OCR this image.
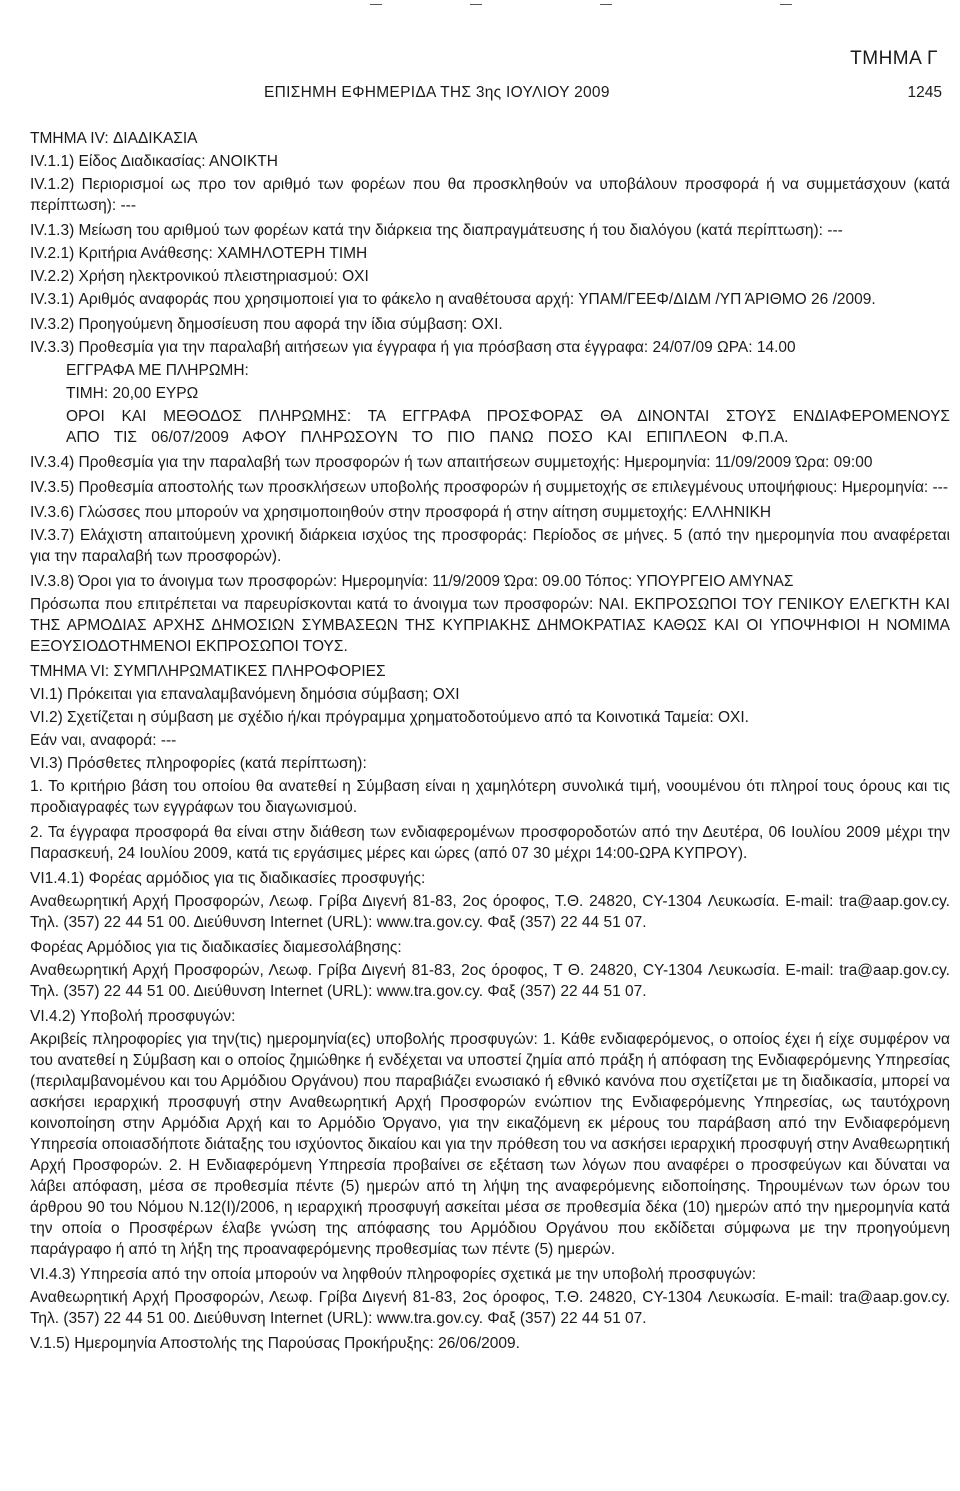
ΤΜΗΜΑ Γ
ΕΠΙΣΗΜΗ ΕΦΗΜΕΡΙΔΑ ΤΗΣ 3ης ΙΟΥΛΙΟΥ 2009	1245

ΤΜΗΜΑ IV: ΔΙΑΔΙΚΑΣΙΑ

IV.1.1) Είδος Διαδικασίας: ΑΝΟΙΚΤΗ

IV.1.2) Περιορισμοί ως προ τον αριθμό των φορέων που θα προσκληθούν να υποβάλουν προσφορά ή να συμμετάσχουν (κατά περίπτωση): ---

IV.1.3) Μείωση του αριθμού των φορέων κατά την διάρκεια της διαπραγμάτευσης ή του διαλόγου (κατά περίπτωση): ---

IV.2.1) Κριτήρια Ανάθεσης: ΧΑΜΗΛΟΤΕΡΗ ΤΙΜΗ

IV.2.2) Χρήση ηλεκτρονικού πλειστηριασμού: ΟΧΙ

IV.3.1) Αριθμός αναφοράς που χρησιμοποιεί για το φάκελο η αναθέτουσα αρχή: ΥΠΑΜ/ΓΕΕΦ/ΔΙΔΜ /ΥΠ ΆΡΙΘΜΟ 26 /2009.

IV.3.2) Προηγούμενη δημοσίευση που αφορά την ίδια σύμβαση: ΟΧΙ.

IV.3.3) Προθεσμία για την παραλαβή αιτήσεων για έγγραφα ή για πρόσβαση στα έγγραφα: 24/07/09 ΩΡΑ: 14.00

ΕΓΓΡΑΦΑ ΜΕ ΠΛΗΡΩΜΗ:

ΤΙΜΗ: 20,00 ΕΥΡΩ

ΟΡΟΙ ΚΑΙ ΜΕΘΟΔΟΣ ΠΛΗΡΩΜΗΣ: ΤΑ ΕΓΓΡΑΦΑ ΠΡΟΣΦΟΡΑΣ ΘΑ ΔΙΝΟΝΤΑΙ ΣΤΟΥΣ ΕΝΔΙΑΦΕΡΟΜΕΝΟΥΣ ΑΠΟ ΤΙΣ 06/07/2009 ΑΦΟΥ ΠΛΗΡΩΣΟΥΝ ΤΟ ΠΙΟ ΠΑΝΩ ΠΟΣΟ ΚΑΙ ΕΠΙΠΛΕΟΝ Φ.Π.Α.

IV.3.4) Προθεσμία για την παραλαβή των προσφορών ή των απαιτήσεων συμμετοχής: Ημερομηνία: 11/09/2009 Ώρα: 09:00

IV.3.5) Προθεσμία αποστολής των προσκλήσεων υποβολής προσφορών ή συμμετοχής σε επιλεγμένους υποψήφιους: Ημερομηνία: ---

IV.3.6) Γλώσσες που μπορούν να χρησιμοποιηθούν στην προσφορά ή στην αίτηση συμμετοχής: ΕΛΛΗΝΙΚΗ

IV.3.7) Ελάχιστη απαιτούμενη χρονική διάρκεια ισχύος της προσφοράς: Περίοδος σε μήνες. 5 (από την ημερομηνία που αναφέρεται για την παραλαβή των προσφορών).

IV.3.8) Όροι για το άνοιγμα των προσφορών: Ημερομηνία: 11/9/2009 Ώρα: 09.00 Τόπος: ΥΠΟΥΡΓΕΙΟ ΑΜΥΝΑΣ

Πρόσωπα που επιτρέπεται να παρευρίσκονται κατά το άνοιγμα των προσφορών: ΝΑΙ. ΕΚΠΡΟΣΩΠΟΙ ΤΟΥ ΓΕΝΙΚΟΥ ΕΛΕΓΚΤΗ ΚΑΙ ΤΗΣ ΑΡΜΟΔΙΑΣ ΑΡΧΗΣ ΔΗΜΟΣΙΩΝ ΣΥΜΒΑΣΕΩΝ ΤΗΣ ΚΥΠΡΙΑΚΗΣ ΔΗΜΟΚΡΑΤΙΑΣ ΚΑΘΩΣ ΚΑΙ ΟΙ ΥΠΟΨΗΦΙΟΙ Η ΝΟΜΙΜΑ ΕΞΟΥΣΙΟΔΟΤΗΜΕΝΟΙ ΕΚΠΡΟΣΩΠΟΙ ΤΟΥΣ.

ΤΜΗΜΑ VI: ΣΥΜΠΛΗΡΩΜΑΤΙΚΕΣ ΠΛΗΡΟΦΟΡΙΕΣ

VI.1) Πρόκειται για επαναλαμβανόμενη δημόσια σύμβαση; ΟΧΙ

VI.2) Σχετίζεται η σύμβαση με σχέδιο ή/και πρόγραμμα χρηματοδοτούμενο από τα Κοινοτικά Ταμεία: ΟΧΙ.

Εάν ναι, αναφορά: ---

VI.3) Πρόσθετες πληροφορίες (κατά περίπτωση):

1. Το κριτήριο βάση του οποίου θα ανατεθεί η Σύμβαση είναι η χαμηλότερη συνολικά τιμή, νοουμένου ότι πληροί τους όρους και τις προδιαγραφές των εγγράφων του διαγωνισμού.

2. Τα έγγραφα προσφορά θα είναι στην διάθεση των ενδιαφερομένων προσφοροδοτών από την Δευτέρα, 06 Ιουλίου 2009 μέχρι την Παρασκευή, 24 Ιουλίου 2009, κατά τις εργάσιμες μέρες και ώρες (από 07 30 μέχρι 14:00-ΩΡΑ ΚΥΠΡΟΥ).

VI1.4.1) Φορέας αρμόδιος για τις διαδικασίες προσφυγής:

Αναθεωρητική Αρχή Προσφορών, Λεωφ. Γρίβα Διγενή 81-83, 2ος όροφος, Τ.Θ. 24820, CY-1304 Λευκωσία. E-mail: tra@aap.gov.cy. Τηλ. (357) 22 44 51 00. Διεύθυνση Internet (URL): www.tra.gov.cy. Φαξ (357) 22 44 51 07.

Φορέας Αρμόδιος για τις διαδικασίες διαμεσολάβησης:

Αναθεωρητική Αρχή Προσφορών, Λεωφ. Γρίβα Διγενή 81-83, 2ος όροφος, Τ Θ. 24820, CY-1304 Λευκωσία. E-mail: tra@aap.gov.cy. Τηλ. (357) 22 44 51 00. Διεύθυνση Internet (URL): www.tra.gov.cy. Φαξ (357) 22 44 51 07.

VI.4.2) Υποβολή προσφυγών:

Ακριβείς πληροφορίες για την(τις) ημερομηνία(ες) υποβολής προσφυγών: 1. Κάθε ενδιαφερόμενος, ο οποίος έχει ή είχε συμφέρον να του ανατεθεί η Σύμβαση και ο οποίος ζημιώθηκε ή ενδέχεται να υποστεί ζημία από πράξη ή απόφαση της Ενδιαφερόμενης Υπηρεσίας (περιλαμβανομένου και του Αρμόδιου Οργάνου) που παραβιάζει ενωσιακό ή εθνικό κανόνα που σχετίζεται με τη διαδικασία, μπορεί να ασκήσει ιεραρχική προσφυγή στην Αναθεωρητική Αρχή Προσφορών ενώπιον της Ενδιαφερόμενης Υπηρεσίας, ως ταυτόχρονη κοινοποίηση στην Αρμόδια Αρχή και το Αρμόδιο Όργανο, για την εικαζόμενη εκ μέρους του παράβαση από την Ενδιαφερόμενη Υπηρεσία οποιασδήποτε διάταξης του ισχύοντος δικαίου και για την πρόθεση του να ασκήσει ιεραρχική προσφυγή στην Αναθεωρητική Αρχή Προσφορών. 2. Η Ενδιαφερόμενη Υπηρεσία προβαίνει σε εξέταση των λόγων που αναφέρει ο προσφεύγων και δύναται να λάβει απόφαση, μέσα σε προθεσμία πέντε (5) ημερών από τη λήψη της αναφερόμενης ειδοποίησης. Τηρουμένων των όρων του άρθρου 90 του Νόμου Ν.12(I)/2006, η ιεραρχική προσφυγή ασκείται μέσα σε προθεσμία δέκα (10) ημερών από την ημερομηνία κατά την οποία ο Προσφέρων έλαβε γνώση της απόφασης του Αρμόδιου Οργάνου που εκδίδεται σύμφωνα με την προηγούμενη παράγραφο ή από τη λήξη της προαναφερόμενης προθεσμίας των πέντε (5) ημερών.

VI.4.3) Υπηρεσία από την οποία μπορούν να ληφθούν πληροφορίες σχετικά με την υποβολή προσφυγών:

Αναθεωρητική Αρχή Προσφορών, Λεωφ. Γρίβα Διγενή 81-83, 2ος όροφος, Τ.Θ. 24820, CY-1304 Λευκωσία. E-mail: tra@aap.gov.cy. Τηλ. (357) 22 44 51 00. Διεύθυνση Internet (URL): www.tra.gov.cy. Φαξ (357) 22 44 51 07.

V.1.5) Ημερομηνία Αποστολής της Παρούσας Προκήρυξης: 26/06/2009.
